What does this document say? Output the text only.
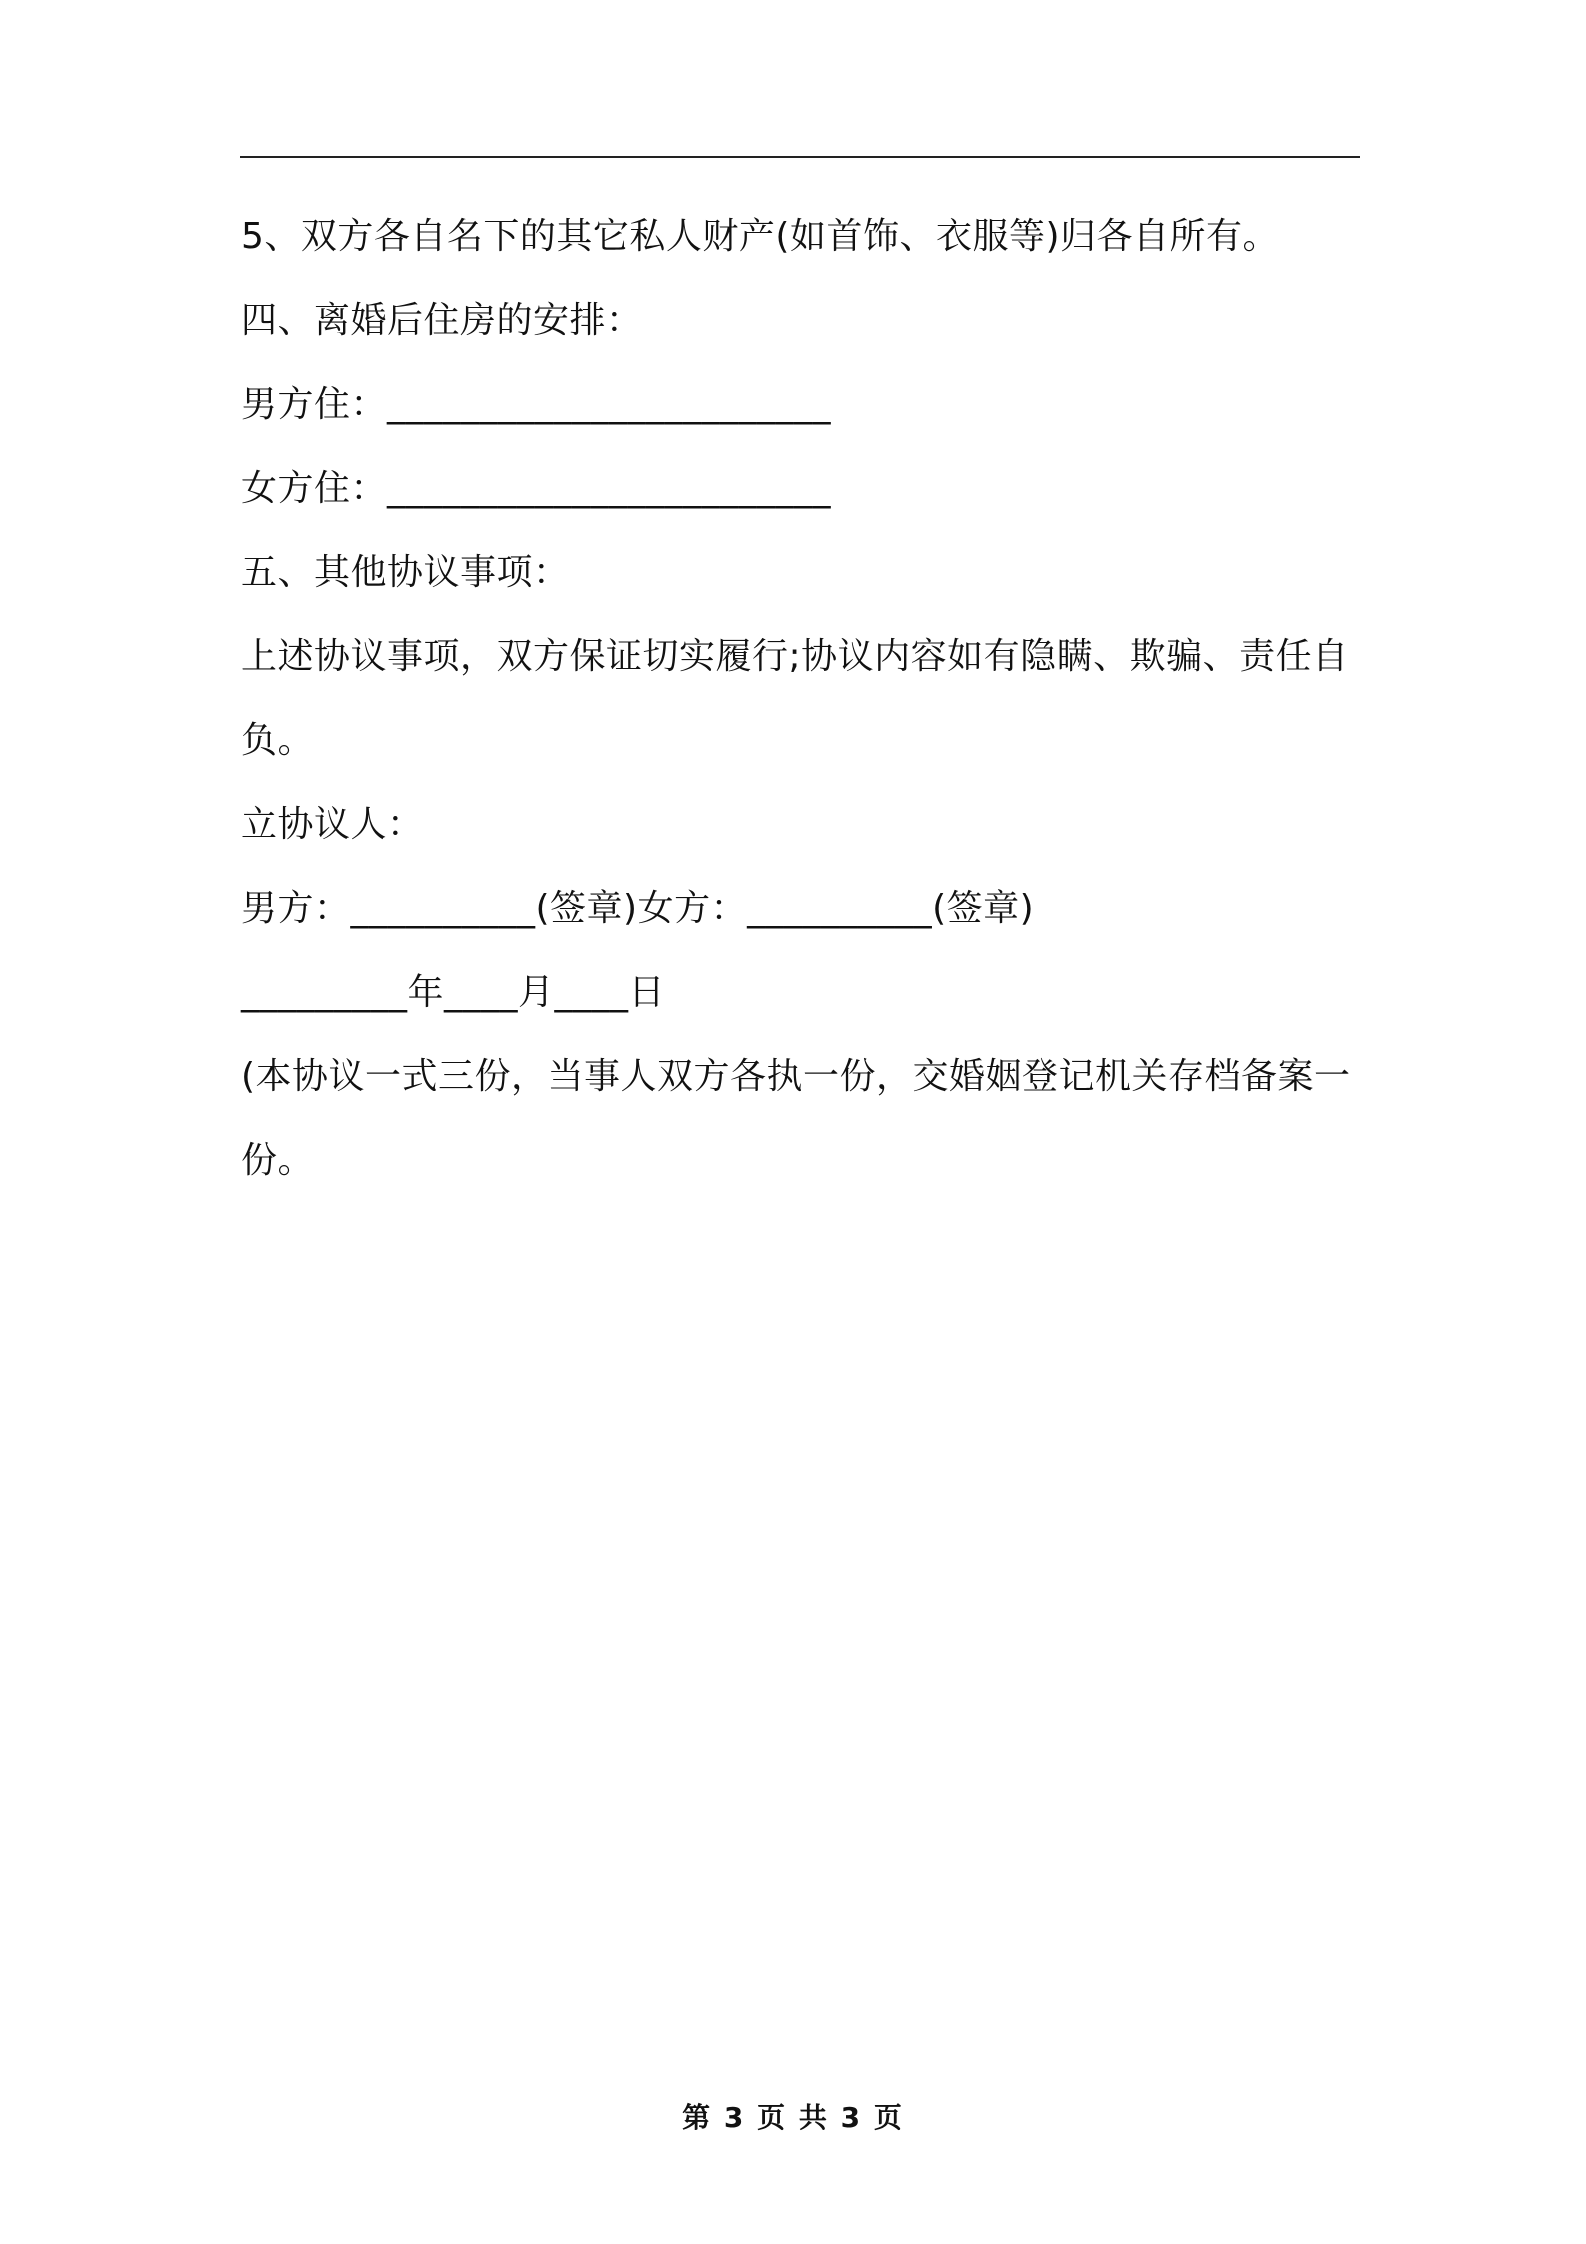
5、双方各自名下的其它私人财产(如首饰、衣服等)归各自所有。

四、离婚后住房的安排：

男方住：________________________

女方住：________________________

五、其他协议事项：

上述协议事项，双方保证切实履行;协议内容如有隐瞒、欺骗、责任自负。

立协议人：

男方：__________(签章)女方：__________(签章)

_________年____月____日

(本协议一式三份，当事人双方各执一份，交婚姻登记机关存档备案一份。

第 3 页 共 3 页
